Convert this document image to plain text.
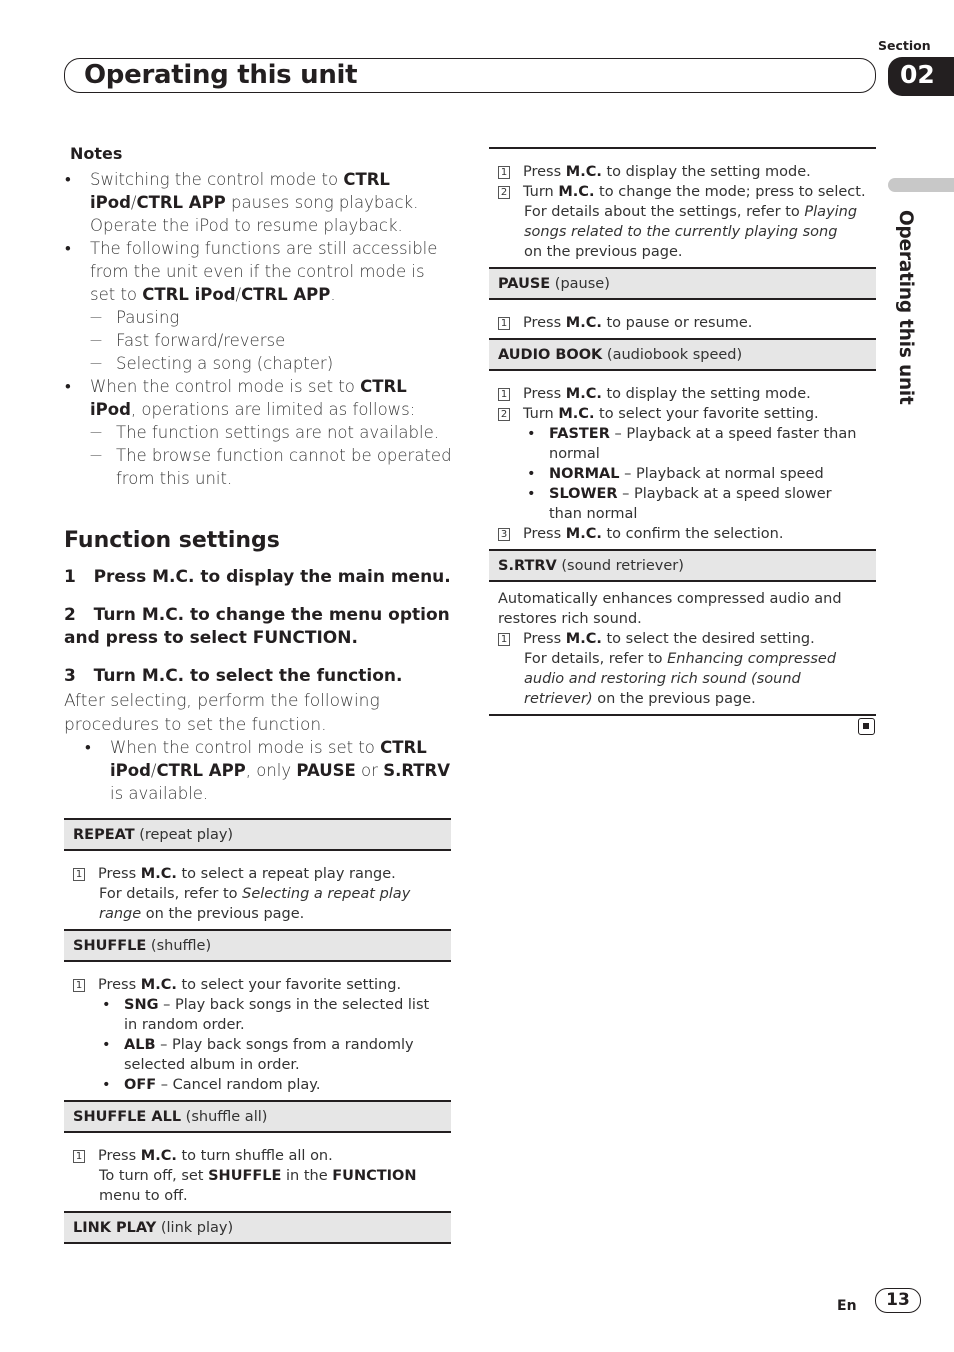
Section
Operating this unit	02
Operating this unit
Notes
• Switching the control mode to CTRL iPod/CTRL APP pauses song playback. Operate the iPod to resume playback.
• The following functions are still accessible from the unit even if the control mode is set to CTRL iPod/CTRL APP.
— Pausing
— Fast forward/reverse
— Selecting a song (chapter)
• When the control mode is set to CTRL iPod, operations are limited as follows:
— The function settings are not available.
— The browse function cannot be operated from this unit.
Function settings
1   Press M.C. to display the main menu.
2   Turn M.C. to change the menu option and press to select FUNCTION.
3   Turn M.C. to select the function.
After selecting, perform the following procedures to set the function.
• When the control mode is set to CTRL iPod/CTRL APP, only PAUSE or S.RTRV is available.
REPEAT (repeat play)
1 Press M.C. to select a repeat play range.
For details, refer to Selecting a repeat play range on the previous page.
SHUFFLE (shuffle)
1 Press M.C. to select your favorite setting.
• SNG – Play back songs in the selected list in random order.
• ALB – Play back songs from a randomly selected album in order.
• OFF – Cancel random play.
SHUFFLE ALL (shuffle all)
1 Press M.C. to turn shuffle all on.
To turn off, set SHUFFLE in the FUNCTION menu to off.
LINK PLAY (link play)
1 Press M.C. to display the setting mode.
2 Turn M.C. to change the mode; press to select.
For details about the settings, refer to Playing songs related to the currently playing song on the previous page.
PAUSE (pause)
1 Press M.C. to pause or resume.
AUDIO BOOK (audiobook speed)
1 Press M.C. to display the setting mode.
2 Turn M.C. to select your favorite setting.
• FASTER – Playback at a speed faster than normal
• NORMAL – Playback at normal speed
• SLOWER – Playback at a speed slower than normal
3 Press M.C. to confirm the selection.
S.RTRV (sound retriever)
Automatically enhances compressed audio and restores rich sound.
1 Press M.C. to select the desired setting.
For details, refer to Enhancing compressed audio and restoring rich sound (sound retriever) on the previous page.
En	13
